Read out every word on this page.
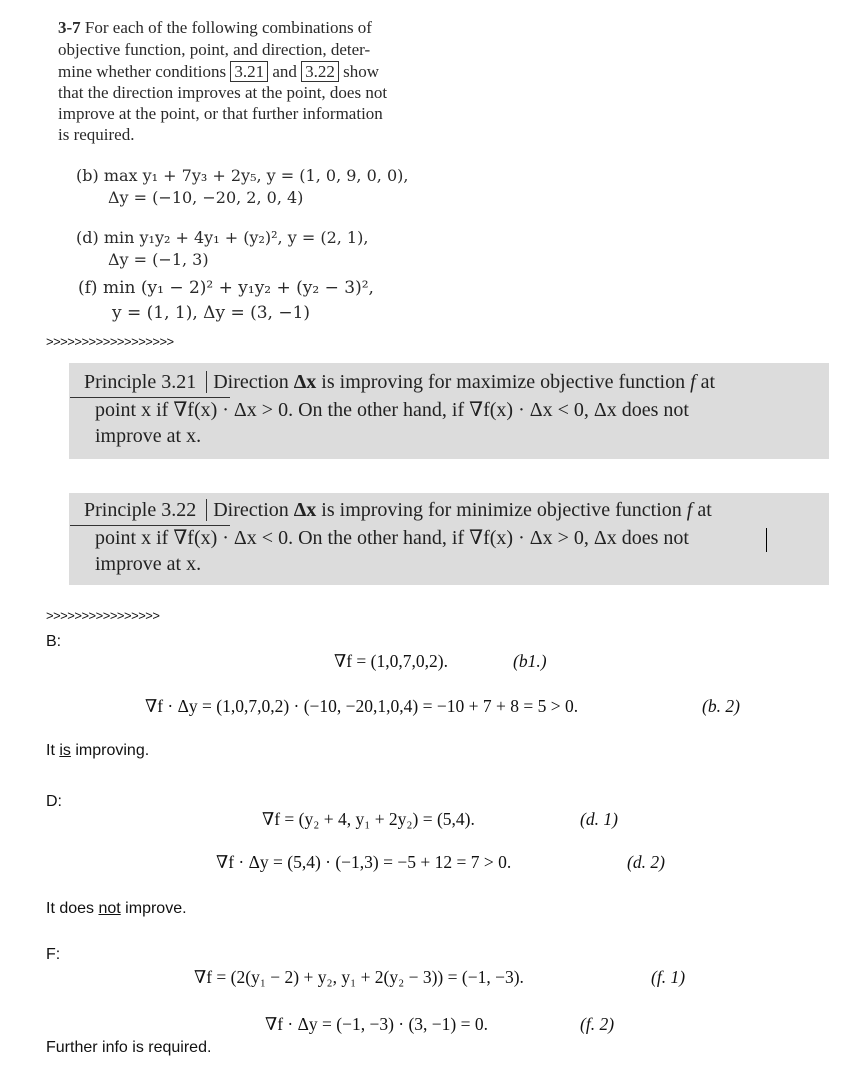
3-7 For each of the following combinations of
objective function, point, and direction, deter-
mine whether conditions 3.21 and 3.22 show
that the direction improves at the point, does not
improve at the point, or that further information
is required.
(b) max y₁ + 7y₃ + 2y₅, y = (1, 0, 9, 0, 0),
Δy = (−10, −20, 2, 0, 4)
(d) min y₁y₂ + 4y₁ + (y₂)², y = (2, 1),
Δy = (−1, 3)
(f) min (y₁ − 2)² + y₁y₂ + (y₂ − 3)²,
y = (1, 1), Δy = (3, −1)
>>>>>>>>>>>>>>>>>>
Principle 3.21 Direction Δx is improving for maximize objective function f at
point x if ∇f(x) · Δx > 0. On the other hand, if ∇f(x) · Δx < 0, Δx does not
improve at x.
Principle 3.22 Direction Δx is improving for minimize objective function f at
point x if ∇f(x) · Δx < 0. On the other hand, if ∇f(x) · Δx > 0, Δx does not
improve at x.
>>>>>>>>>>>>>>>>
B:
∇f = (1,0,7,0,2).	(b1.)
∇f · Δy = (1,0,7,0,2) · (−10, −20,1,0,4) = −10 + 7 + 8 = 5 > 0.	(b. 2)
It is improving.
D:
∇f = (y₂ + 4, y₁ + 2y₂) = (5,4).	(d. 1)
∇f · Δy = (5,4) · (−1,3) = −5 + 12 = 7 > 0.	(d. 2)
It does not improve.
F:
∇f = (2(y₁ − 2) + y₂, y₁ + 2(y₂ − 3)) = (−1, −3).	(f. 1)
∇f · Δy = (−1, −3) · (3, −1) = 0.	(f. 2)
Further info is required.
